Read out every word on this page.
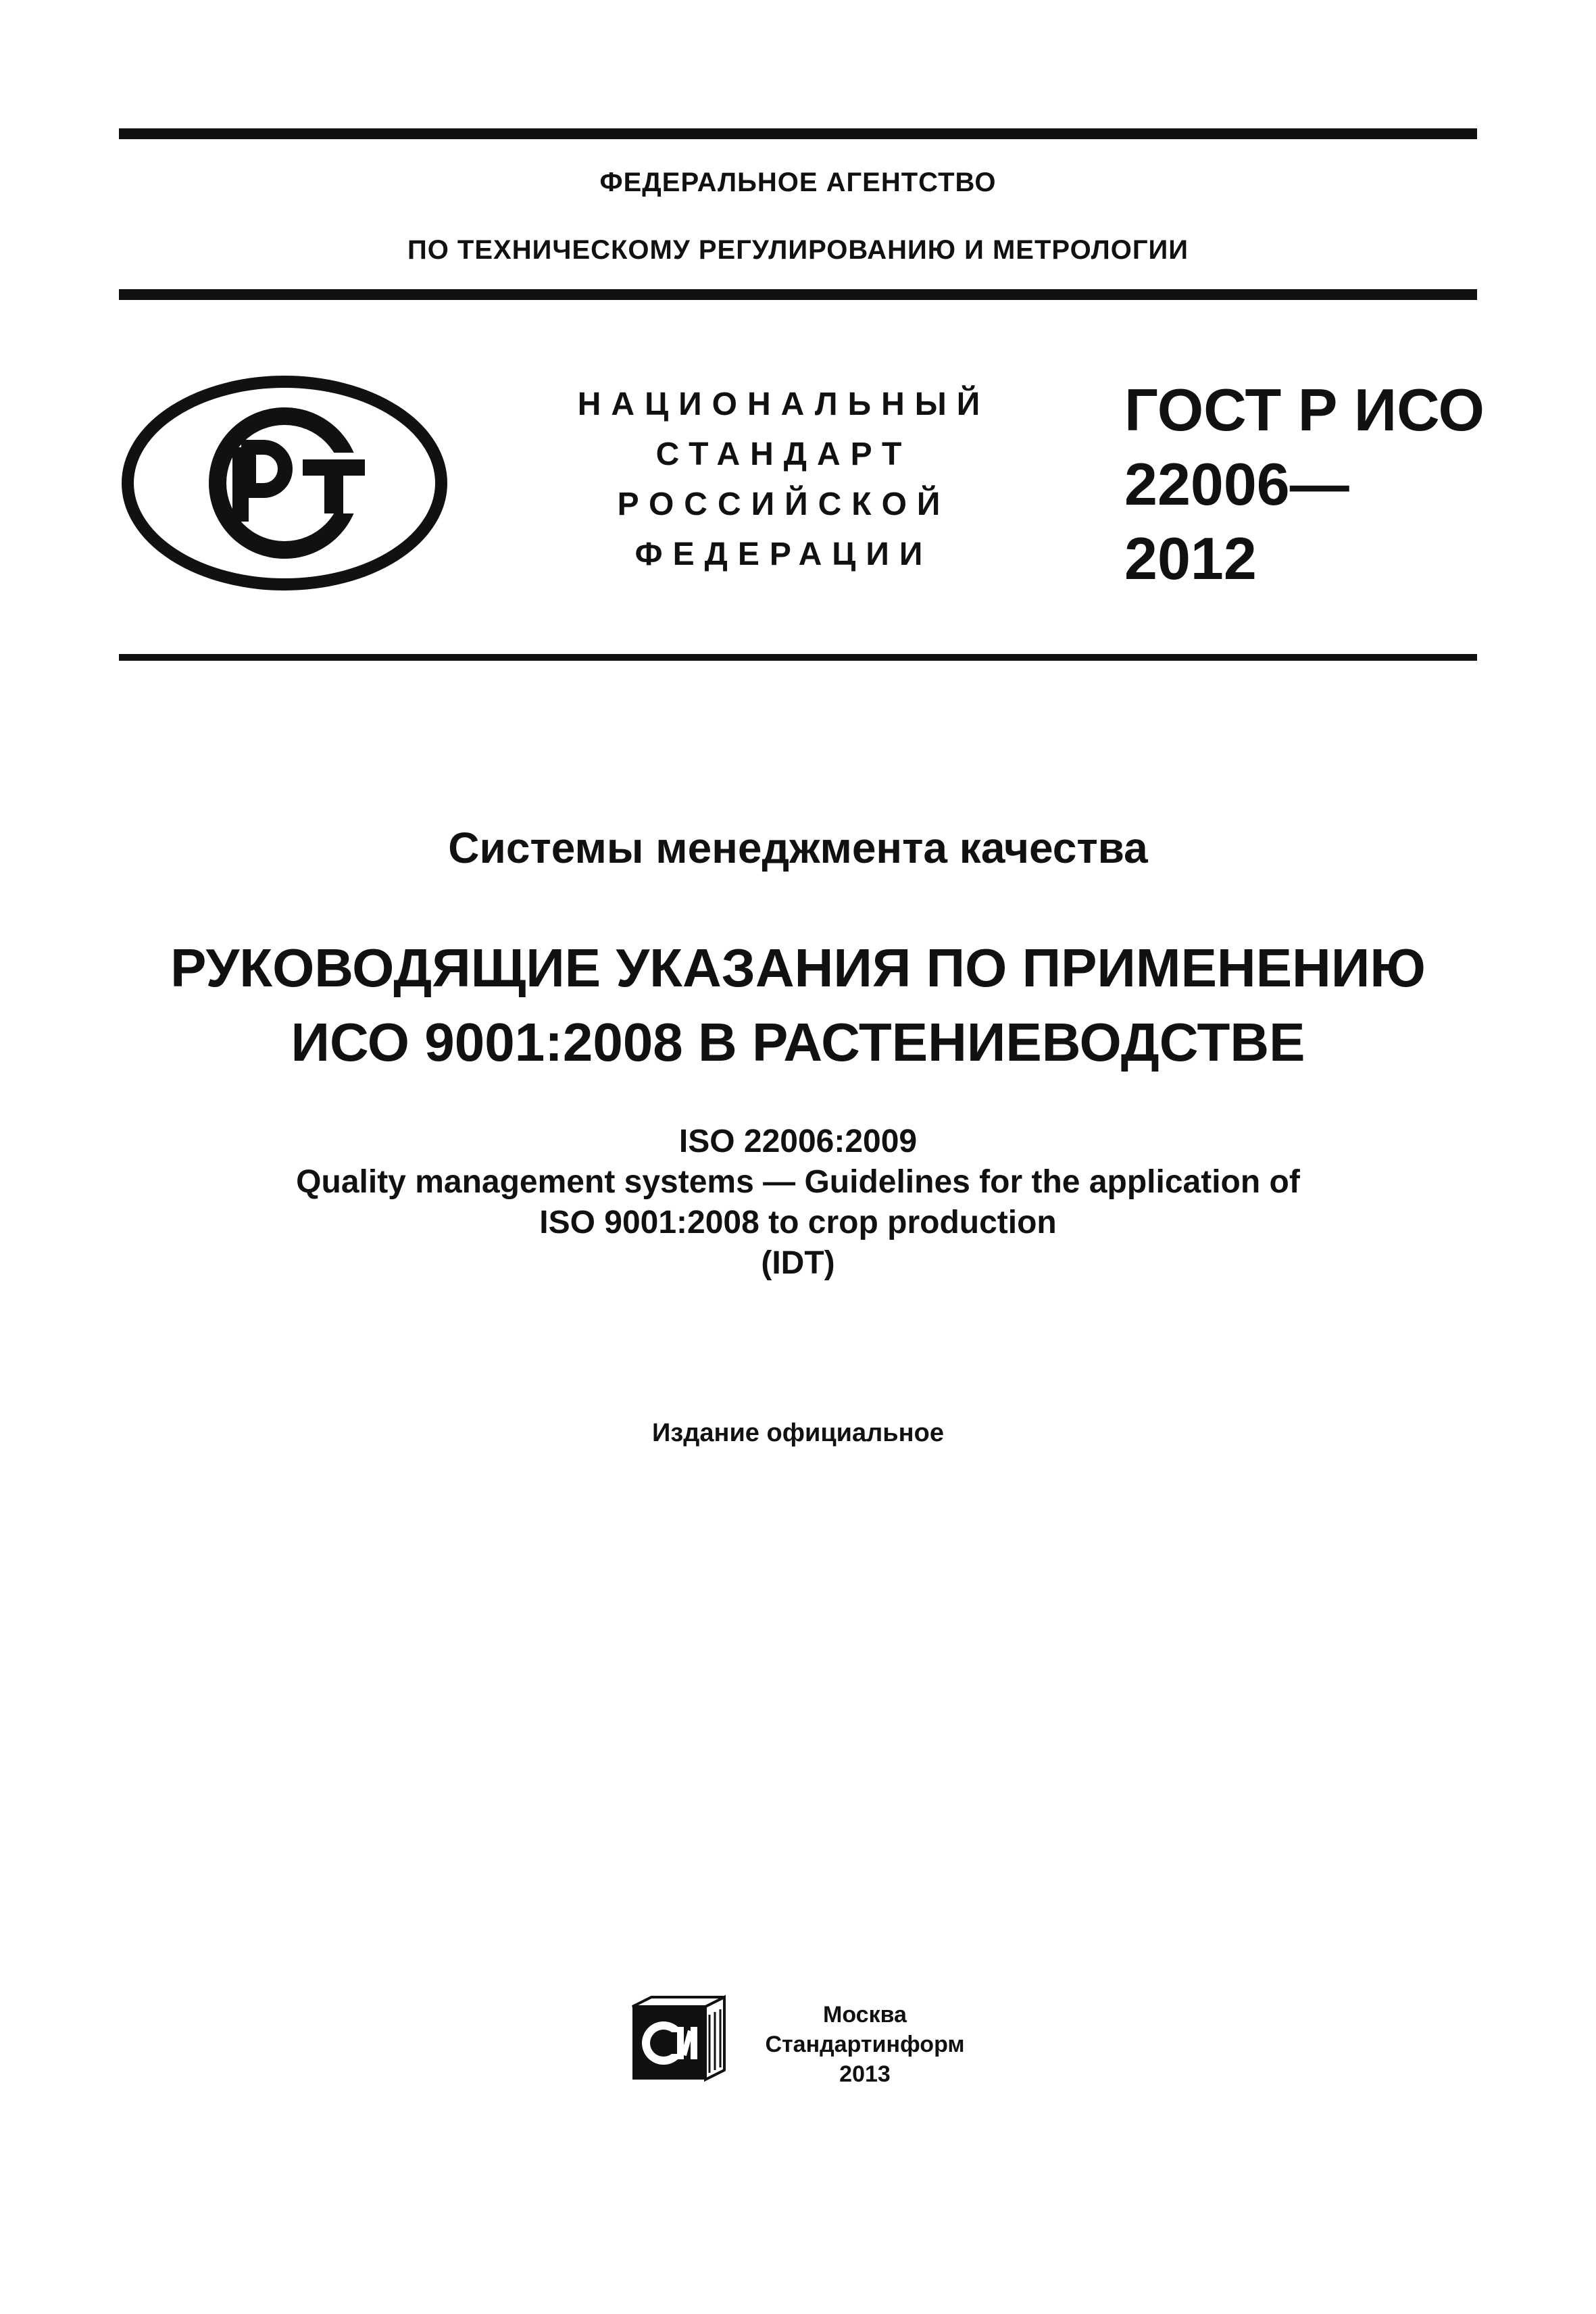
ФЕДЕРАЛЬНОЕ АГЕНТСТВО
ПО ТЕХНИЧЕСКОМУ РЕГУЛИРОВАНИЮ И МЕТРОЛОГИИ
НАЦИОНАЛЬНЫЙ
СТАНДАРТ
РОССИЙСКОЙ
ФЕДЕРАЦИИ
ГОСТ Р ИСО
22006—
2012
Системы менеджмента качества
РУКОВОДЯЩИЕ УКАЗАНИЯ ПО ПРИМЕНЕНИЮ
ИСО 9001:2008 В РАСТЕНИЕВОДСТВЕ
ISO 22006:2009
Quality management systems — Guidelines for the application of
ISO 9001:2008 to crop production
(IDT)
Издание официальное
Москва
Стандартинформ
2013
